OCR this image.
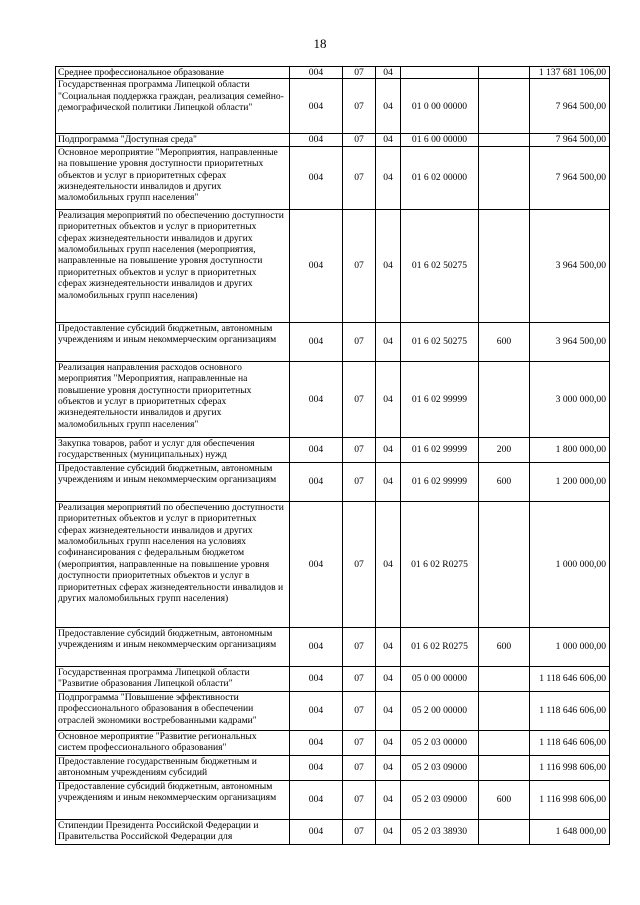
18
Среднее профессиональное образование	004	07	04			1 137 681 106,00
Государственная программа Липецкой области "Социальная поддержка граждан, реализация семейно-демографической политики Липецкой области"	004	07	04	01 0 00 00000		7 964 500,00
Подпрограмма "Доступная среда"	004	07	04	01 6 00 00000		7 964 500,00
Основное мероприятие "Мероприятия, направленные на повышение уровня доступности приоритетных объектов и услуг в приоритетных сферах жизнедеятельности инвалидов и других маломобильных групп населения"	004	07	04	01 6 02 00000		7 964 500,00
Реализация мероприятий по обеспечению доступности приоритетных объектов и услуг в приоритетных сферах жизнедеятельности инвалидов и других маломобильных групп населения (мероприятия, направленные на повышение уровня доступности приоритетных объектов и услуг в приоритетных сферах жизнедеятельности инвалидов и других маломобильных групп населения)	004	07	04	01 6 02 50275		3 964 500,00
Предоставление субсидий бюджетным, автономным учреждениям и иным некоммерческим организациям	004	07	04	01 6 02 50275	600	3 964 500,00
Реализация направления расходов основного мероприятия "Мероприятия, направленные на повышение уровня доступности приоритетных объектов и услуг в приоритетных сферах жизнедеятельности инвалидов и других маломобильных групп населения"	004	07	04	01 6 02 99999		3 000 000,00
Закупка товаров, работ и услуг для обеспечения государственных (муниципальных) нужд	004	07	04	01 6 02 99999	200	1 800 000,00
Предоставление субсидий бюджетным, автономным учреждениям и иным некоммерческим организациям	004	07	04	01 6 02 99999	600	1 200 000,00
Реализация мероприятий по обеспечению доступности приоритетных объектов и услуг в приоритетных сферах жизнедеятельности инвалидов и других маломобильных групп населения на условиях софинансирования с федеральным бюджетом (мероприятия, направленные на повышение уровня доступности приоритетных объектов и услуг в приоритетных сферах жизнедеятельности инвалидов и других маломобильных групп населения)	004	07	04	01 6 02 R0275		1 000 000,00
Предоставление субсидий бюджетным, автономным учреждениям и иным некоммерческим организациям	004	07	04	01 6 02 R0275	600	1 000 000,00
Государственная программа Липецкой области "Развитие образования Липецкой области"	004	07	04	05 0 00 00000		1 118 646 606,00
Подпрограмма "Повышение эффективности профессионального образования в обеспечении отраслей экономики востребованными кадрами"	004	07	04	05 2 00 00000		1 118 646 606,00
Основное мероприятие "Развитие региональных систем профессионального образования"	004	07	04	05 2 03 00000		1 118 646 606,00
Предоставление государственным бюджетным и автономным учреждениям субсидий	004	07	04	05 2 03 09000		1 116 998 606,00
Предоставление субсидий бюджетным, автономным учреждениям и иным некоммерческим организациям	004	07	04	05 2 03 09000	600	1 116 998 606,00
Стипендии Президента Российской Федерации и Правительства Российской Федерации для	004	07	04	05 2 03 38930		1 648 000,00
